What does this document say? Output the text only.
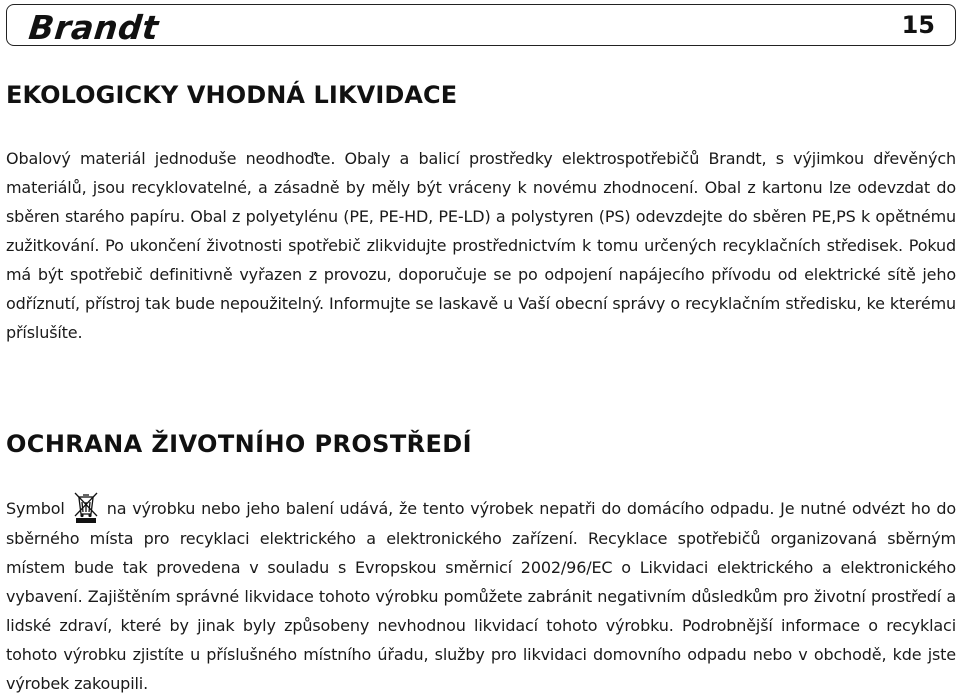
Brandt	15
EKOLOGICKY VHODNÁ LIKVIDACE

Obalový materiál jednoduše neodhoďte. Obaly a balicí prostředky elektrospotřebičů Brandt, s výjimkou dřevěných materiálů, jsou recyklovatelné, a zásadně by měly být vráceny k novému zhodnocení. Obal z kartonu lze odevzdat do sběren starého papíru. Obal z polyetylénu (PE, PE-HD, PE-LD) a polystyren (PS) odevzdejte do sběren PE,PS k opětnému zužitkování. Po ukončení životnosti spotřebič zlikvidujte prostřednictvím k tomu určených recyklačních středisek. Pokud má být spotřebič definitivně vyřazen z provozu, doporučuje se po odpojení napájecího přívodu od elektrické sítě jeho odříznutí, přístroj tak bude nepoužitelný. Informujte se laskavě u Vaší obecní správy o recyklačním středisku, ke kterému příslušíte.

OCHRANA ŽIVOTNÍHO PROSTŘEDÍ

Symbol	na výrobku nebo jeho balení udává, že tento výrobek nepatři do domácího odpadu. Je nutné odvézt ho do sběrného místa pro recyklaci elektrického a elektronického zařízení. Recyklace spotřebičů organizovaná sběrným místem bude tak provedena v souladu s Evropskou směrnicí 2002/96/EC o Likvidaci elektrického a elektronického vybavení. Zajištěním správné likvidace tohoto výrobku pomůžete zabránit negativním důsledkům pro životní prostředí a lidské zdraví, které by jinak byly způsobeny nevhodnou likvidací tohoto výrobku. Podrobnější informace o recyklaci tohoto výrobku zjistíte u příslušného místního úřadu, služby pro likvidaci domovního odpadu nebo v obchodě, kde jste výrobek zakoupili.
